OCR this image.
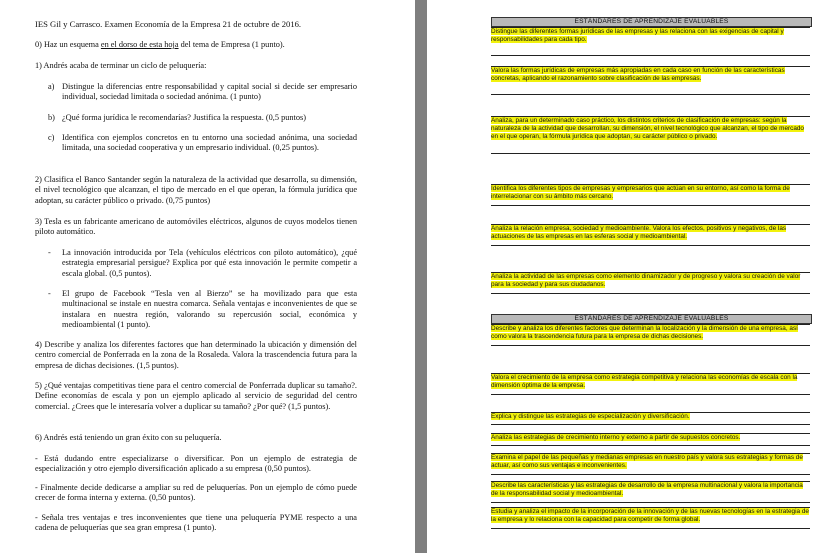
IES Gil y Carrasco. Examen Economía de la Empresa 21 de octubre de 2016.

0) Haz un esquema en el dorso de esta hoja del tema de Empresa (1 punto).

1) Andrés acaba de terminar un ciclo de peluquería:

a) Distingue la diferencias entre responsabilidad y capital social si decide ser empresario individual, sociedad limitada o sociedad anónima. (1 punto)

b) ¿Qué forma jurídica le recomendarías? Justifica la respuesta. (0,5 puntos)

c) Identifica con ejemplos concretos en tu entorno una sociedad anónima, una sociedad limitada, una sociedad cooperativa y un empresario individual. (0,25 puntos).

2) Clasifica el Banco Santander según la naturaleza de la actividad que desarrolla, su dimensión, el nivel tecnológico que alcanzan, el tipo de mercado en el que operan, la fórmula jurídica que adoptan, su carácter público o privado. (0,75 puntos)

3) Tesla es un fabricante americano de automóviles eléctricos, algunos de cuyos modelos tienen piloto automático.

-	La innovación introducida por Tela (vehículos eléctricos con piloto automático), ¿qué estrategia empresarial persigue? Explica por qué esta innovación le permite competir a escala global. (0,5 puntos).

-	El grupo de Facebook “Tesla ven al Bierzo” se ha movilizado para que esta multinacional se instale en nuestra comarca. Señala ventajas e inconvenientes de que se instalara en nuestra región, valorando su repercusión social, económica y medioambiental (1 punto).

4) Describe y analiza los diferentes factores que han determinado la ubicación y dimensión del centro comercial de Ponferrada en la zona de la Rosaleda. Valora la trascendencia futura para la empresa de dichas decisiones. (1,5 puntos).

5) ¿Qué ventajas competitivas tiene para el centro comercial de Ponferrada duplicar su tamaño?. Define economías de escala y pon un ejemplo aplicado al servicio de seguridad del centro comercial. ¿Crees que le interesaría volver a duplicar su tamaño? ¿Por qué? (1,5 puntos).

6) Andrés está teniendo un gran éxito con su peluquería.

- Está dudando entre especializarse o diversificar. Pon un ejemplo de estrategia de especialización y otro ejemplo diversificación aplicado a su empresa (0,50 puntos).

- Finalmente decide dedicarse a ampliar su red de peluquerías. Pon un ejemplo de cómo puede crecer de forma interna y externa. (0,50 puntos).

- Señala tres ventajas e tres inconvenientes que tiene una peluquería PYME respecto a una cadena de peluquerías que sea gran empresa (1 punto).

ESTÁNDARES DE APRENDIZAJE EVALUABLES
Distingue las diferentes formas jurídicas de las empresas y las relaciona con las exigencias de capital y responsabilidades para cada tipo.
Valora las formas jurídicas de empresas más apropiadas en cada caso en función de las características concretas, aplicando el razonamiento sobre clasificación de las empresas.
Analiza, para un determinado caso práctico, los distintos criterios de clasificación de empresas: según la naturaleza de la actividad que desarrollan, su dimensión, el nivel tecnológico que alcanzan, el tipo de mercado en el que operan, la fórmula jurídica que adoptan, su carácter público o privado.
Identifica los diferentes tipos de empresas y empresarios que actúan en su entorno, así como la forma de interrelacionar con su ámbito más cercano.
Analiza la relación empresa, sociedad y medioambiente. Valora los efectos, positivos y negativos, de las actuaciones de las empresas en las esferas social y medioambiental.
Analiza la actividad de las empresas como elemento dinamizador y de progreso y valora su creación de valor para la sociedad y para sus ciudadanos.
ESTÁNDARES DE APRENDIZAJE EVALUABLES
Describe y analiza los diferentes factores que determinan la localización y la dimensión de una empresa, así como valora la trascendencia futura para la empresa de dichas decisiones.
Valora el crecimiento de la empresa como estrategia competitiva y relaciona las economías de escala con la dimensión óptima de la empresa.
Explica y distingue las estrategias de especialización y diversificación.
Analiza las estrategias de crecimiento interno y externo a partir de supuestos concretos.
Examina el papel de las pequeñas y medianas empresas en nuestro país y valora sus estrategias y formas de actuar, así como sus ventajas e inconvenientes.
Describe las características y las estrategias de desarrollo de la empresa multinacional y valora la importancia de la responsabilidad social y medioambiental.
Estudia y analiza el impacto de la incorporación de la innovación y de las nuevas tecnologías en la estrategia de la empresa y lo relaciona con la capacidad para competir de forma global.
